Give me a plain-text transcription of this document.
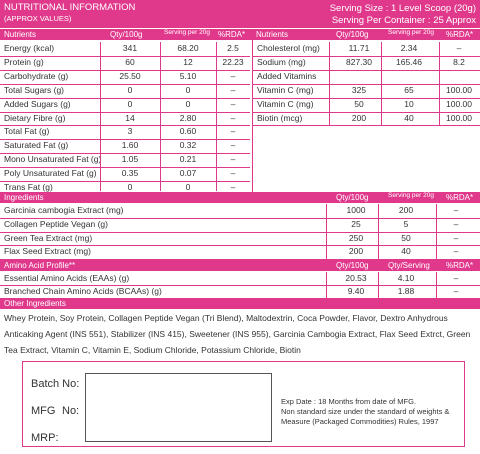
NUTRITIONAL INFORMATION
(APPROX VALUES)
Serving Size : 1 Level Scoop (20g)
Serving Per Container : 25 Approx
Nutrients	Qty/100g	Serving per 20g %RDA* Nutrients	Qty/100g	Serving per 20g %RDA*
Energy (kcal)	341	68.20	2.5
Protein (g)	60	12	22.23
Carbohydrate (g)	25.50	5.10	–
Total Sugars (g)	0	0	–
Added Sugars (g)	0	0	–
Dietary Fibre (g)	14	2.80	–
Total Fat (g)	3	0.60	–
Saturated Fat (g)	1.60	0.32	–
Mono Unsaturated Fat (g)	1.05	0.21	–
Poly Unsaturated Fat (g)	0.35	0.07	–
Trans Fat (g)	0	0	–
Cholesterol (mg)	11.71	2.34	–
Sodium (mg)	827.30	165.46	8.2
Added Vitamins
Vitamin C (mg)	325	65	100.00
Vitamin C (mg)	50	10	100.00
Biotin (mcg)	200	40	100.00
Ingredients	Qty/100g	Serving per 20g %RDA*
Garcinia cambogia Extract (mg)	1000	200	–
Collagen Peptide Vegan (g)	25	5	–
Green Tea Extract (mg)	250	50	–
Flax Seed Extract (mg)	200	40	–
Amino Acid Profile**	Qty/100g Qty/Serving %RDA*
Essential Amino Acids (EAAs) (g)	20.53	4.10	–
Branched Chain Amino Acids (BCAAs) (g)	9.40	1.88	–
Other Ingredients
Whey Protein, Soy Protein, Collagen Peptide Vegan (Tri Blend), Maltodextrin, Coca Powder, Flavor, Dextro Anhydrous Anticaking Agent (INS 551), Stabilizer (INS 415), Sweetener (INS 955), Garcinia Cambogia Extract, Flax Seed Extrct, Green Tea Extract, Vitamin C, Vitamin E, Sodium Chloride, Potassium Chloride, Biotin
Batch No:
MFG No:
MRP:
Exp Date : 18 Months from date of MFG.
Non standard size under the standard of weights & Measure (Packaged Commodities) Rules, 1997
